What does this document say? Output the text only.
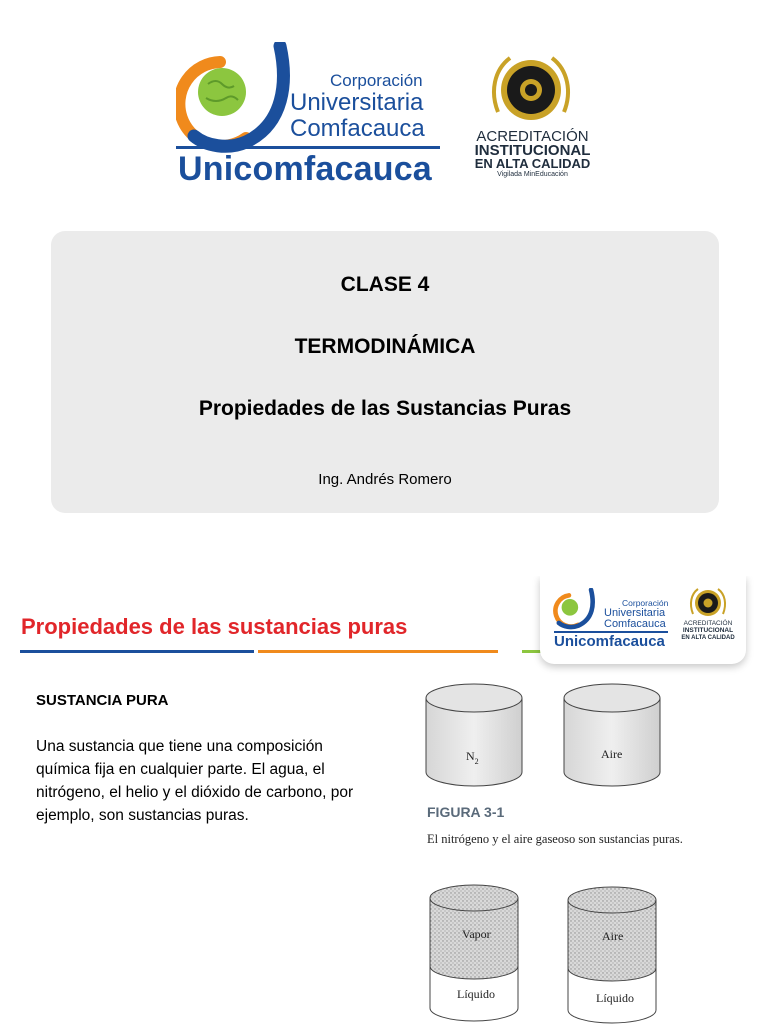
Corporación
Universitaria
Comfacauca
Unicomfacauca
ACREDITACIÓN
INSTITUCIONAL
EN ALTA CALIDAD
Vigilada MinEducación
CLASE 4
TERMODINÁMICA
Propiedades de las Sustancias Puras
Ing. Andrés Romero
Propiedades de las sustancias puras
Corporación
Universitaria
Comfacauca
Unicomfacauca
ACREDITACIÓN
INSTITUCIONAL
EN ALTA CALIDAD
SUSTANCIA PURA
Una sustancia que tiene una composición química fija en cualquier parte. El agua, el nitrógeno, el helio y el dióxido de carbono, por ejemplo, son sustancias puras.
$N_2$
Aire
FIGURA 3-1
El nitrógeno y el aire gaseoso son sustancias puras.
Vapor
Líquido
Aire
Líquido
